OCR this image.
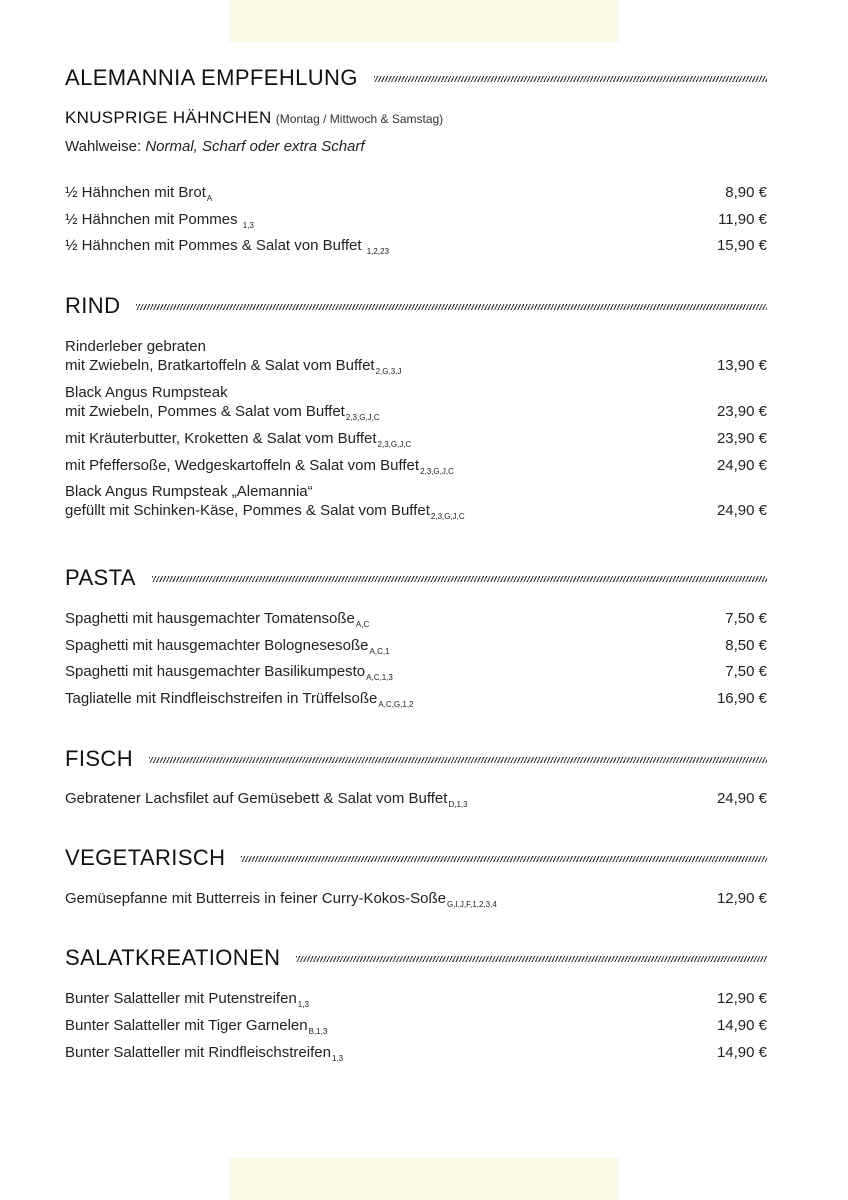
ALEMANNIA EMPFEHLUNG
KNUSPRIGE HÄHNCHEN (Montag / Mittwoch & Samstag)
Wahlweise: Normal, Scharf oder extra Scharf
½ Hähnchen mit Brot$_A$	8,90 €
½ Hähnchen mit Pommes $_{1,3}$	11,90 €
½ Hähnchen mit Pommes & Salat von Buffet $_{1,2,23}$	15,90 €
RIND
Rinderleber gebraten
mit Zwiebeln, Bratkartoffeln & Salat vom Buffet$_{2,G,3,J}$	13,90 €
Black Angus Rumpsteak
mit Zwiebeln, Pommes & Salat vom Buffet$_{2,3,G,J,C}$	23,90 €
mit Kräuterbutter, Kroketten & Salat vom Buffet$_{2,3,G,J,C}$	23,90 €
mit Pfeffersoße, Wedgeskartoffeln & Salat vom Buffet$_{2,3,G,J,C}$	24,90 €
Black Angus Rumpsteak „Alemannia“
gefüllt mit Schinken-Käse, Pommes & Salat vom Buffet$_{2,3,G,J,C}$	24,90 €
PASTA
Spaghetti mit hausgemachter Tomatensoße$_{A,C}$	7,50 €
Spaghetti mit hausgemachter Bolognesesoße$_{A,C,1}$	8,50 €
Spaghetti mit hausgemachter Basilikumpesto$_{A,C,1,3}$	7,50 €
Tagliatelle mit Rindfleischstreifen in Trüffelsoße$_{A,C,G,1,2}$	16,90 €
FISCH
Gebratener Lachsfilet auf Gemüsebett & Salat vom Buffet$_{D,1,3}$	24,90 €
VEGETARISCH
Gemüsepfanne mit Butterreis in feiner Curry-Kokos-Soße$_{G,I,J,F,1,2,3,4}$	12,90 €
SALATKREATIONEN
Bunter Salatteller mit Putenstreifen$_{1,3}$	12,90 €
Bunter Salatteller mit Tiger Garnelen$_{B,1,3}$	14,90 €
Bunter Salatteller mit Rindfleischstreifen$_{1,3}$	14,90 €
